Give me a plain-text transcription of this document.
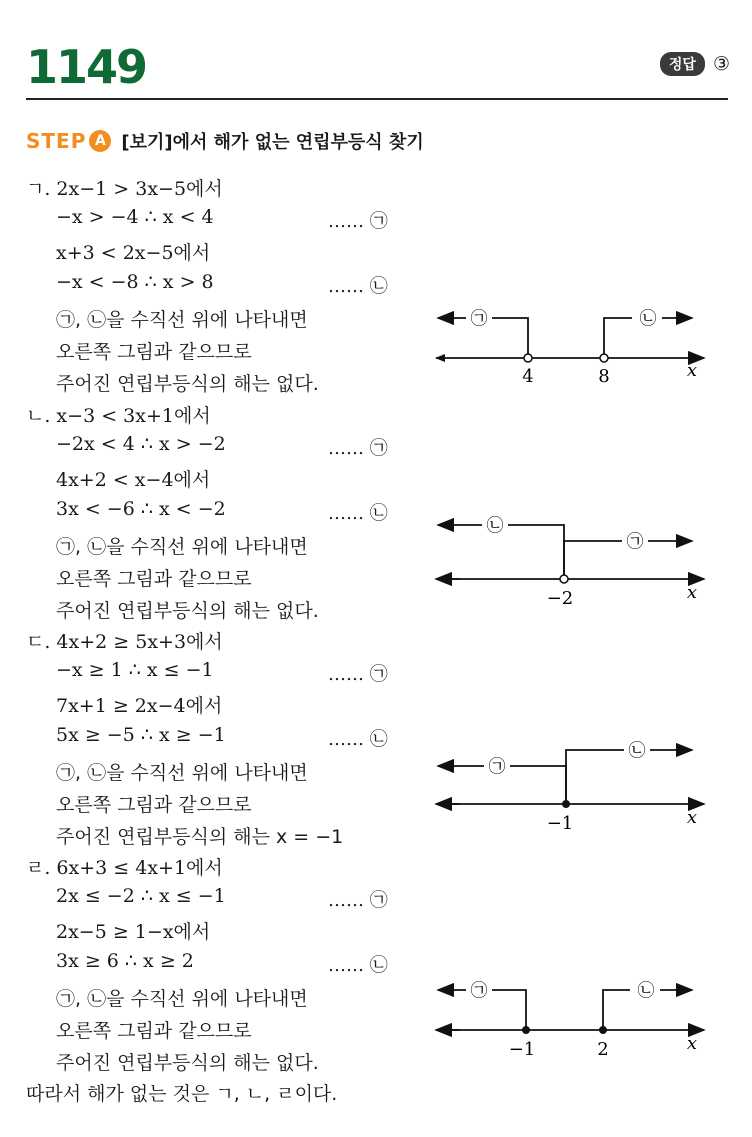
1149	정답 ③
STEP A [보기]에서 해가 없는 연립부등식 찾기
ㄱ. 2x−1 > 3x−5에서
−x > −4 ∴ x < 4	…… ㉠
x+3 < 2x−5에서
−x < −8 ∴ x > 8	…… ㉡
㉠, ㉡을 수직선 위에 나타내면
오른쪽 그림과 같으므로
주어진 연립부등식의 해는 없다.
㉠	㉡
4	8	x
ㄴ. x−3 < 3x+1에서
−2x < 4 ∴ x > −2	…… ㉠
4x+2 < x−4에서
3x < −6 ∴ x < −2	…… ㉡
㉠, ㉡을 수직선 위에 나타내면
오른쪽 그림과 같으므로
주어진 연립부등식의 해는 없다.
㉡
㉠
−2	x
ㄷ. 4x+2 ≥ 5x+3에서
−x ≥ 1 ∴ x ≤ −1	…… ㉠
7x+1 ≥ 2x−4에서
5x ≥ −5 ∴ x ≥ −1	…… ㉡
㉠, ㉡을 수직선 위에 나타내면
오른쪽 그림과 같으므로
주어진 연립부등식의 해는 x = −1
㉠
㉡
−1	x
ㄹ. 6x+3 ≤ 4x+1에서
2x ≤ −2 ∴ x ≤ −1	…… ㉠
2x−5 ≥ 1−x에서
3x ≥ 6 ∴ x ≥ 2	…… ㉡
㉠, ㉡을 수직선 위에 나타내면
오른쪽 그림과 같으므로
주어진 연립부등식의 해는 없다.
㉠	㉡
−1	2	x
따라서 해가 없는 것은 ㄱ, ㄴ, ㄹ이다.
